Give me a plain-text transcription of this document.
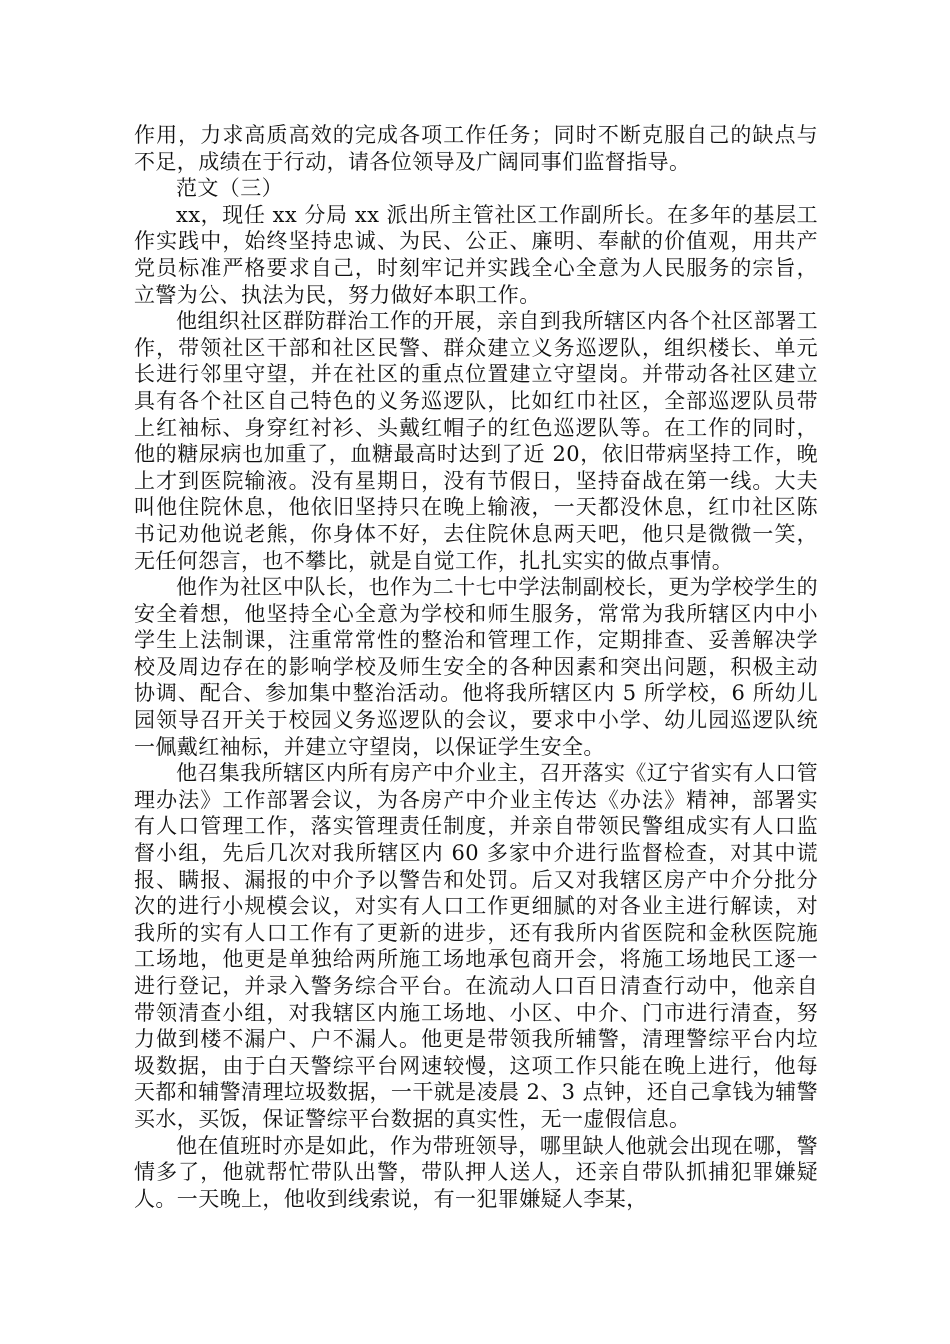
作用，力求高质高效的完成各项工作任务；同时不断克服自己的缺点与不足，成绩在于行动，请各位领导及广阔同事们监督指导。

范文（三）

xx，现任 xx 分局 xx 派出所主管社区工作副所长。在多年的基层工作实践中，始终坚持忠诚、为民、公正、廉明、奉献的价值观，用共产党员标准严格要求自己，时刻牢记并实践全心全意为人民服务的宗旨，立警为公、执法为民，努力做好本职工作。

他组织社区群防群治工作的开展，亲自到我所辖区内各个社区部署工作，带领社区干部和社区民警、群众建立义务巡逻队，组织楼长、单元长进行邻里守望，并在社区的重点位置建立守望岗。并带动各社区建立具有各个社区自己特色的义务巡逻队，比如红巾社区，全部巡逻队员带上红袖标、身穿红衬衫、头戴红帽子的红色巡逻队等。在工作的同时，他的糖尿病也加重了，血糖最高时达到了近 20，依旧带病坚持工作，晚上才到医院输液。没有星期日，没有节假日，坚持奋战在第一线。大夫叫他住院休息，他依旧坚持只在晚上输液，一天都没休息，红巾社区陈书记劝他说老熊，你身体不好，去住院休息两天吧，他只是微微一笑，无任何怨言，也不攀比，就是自觉工作，扎扎实实的做点事情。

他作为社区中队长，也作为二十七中学法制副校长，更为学校学生的安全着想，他坚持全心全意为学校和师生服务，常常为我所辖区内中小学生上法制课，注重常常性的整治和管理工作，定期排查、妥善解决学校及周边存在的影响学校及师生安全的各种因素和突出问题，积极主动协调、配合、参加集中整治活动。他将我所辖区内 5 所学校，6 所幼儿园领导召开关于校园义务巡逻队的会议，要求中小学、幼儿园巡逻队统一佩戴红袖标，并建立守望岗，以保证学生安全。

他召集我所辖区内所有房产中介业主，召开落实《辽宁省实有人口管理办法》工作部署会议，为各房产中介业主传达《办法》精神，部署实有人口管理工作，落实管理责任制度，并亲自带领民警组成实有人口监督小组，先后几次对我所辖区内 60 多家中介进行监督检查，对其中谎报、瞒报、漏报的中介予以警告和处罚。后又对我辖区房产中介分批分次的进行小规模会议，对实有人口工作更细腻的对各业主进行解读，对我所的实有人口工作有了更新的进步，还有我所内省医院和金秋医院施工场地，他更是单独给两所施工场地承包商开会，将施工场地民工逐一进行登记，并录入警务综合平台。在流动人口百日清查行动中，他亲自带领清查小组，对我辖区内施工场地、小区、中介、门市进行清查，努力做到楼不漏户、户不漏人。他更是带领我所辅警，清理警综平台内垃圾数据，由于白天警综平台网速较慢，这项工作只能在晚上进行，他每天都和辅警清理垃圾数据，一干就是凌晨 2、3 点钟，还自己拿钱为辅警买水，买饭，保证警综平台数据的真实性，无一虚假信息。

他在值班时亦是如此，作为带班领导，哪里缺人他就会出现在哪，警情多了，他就帮忙带队出警，带队押人送人，还亲自带队抓捕犯罪嫌疑人。一天晚上，他收到线索说，有一犯罪嫌疑人李某，
